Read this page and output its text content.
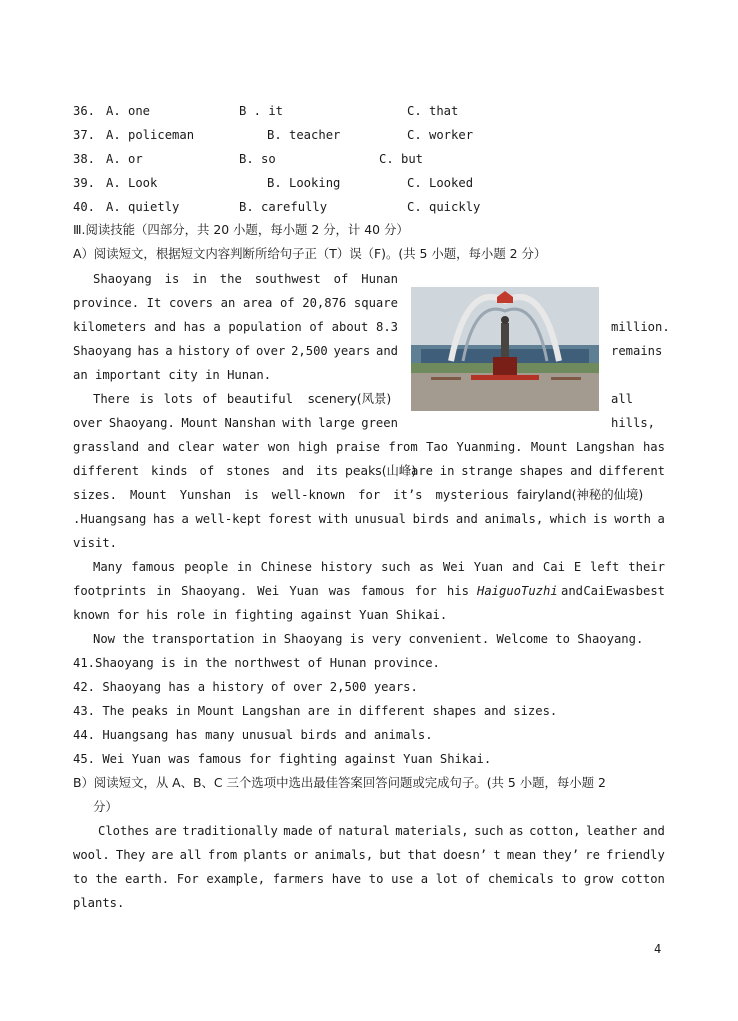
36. A. one	B . it	C. that
37. A. policeman	B. teacher	C. worker
38. A. or	B. so	C. but
39. A. Look	B. Looking	C. Looked
40. A. quietly	B. carefully	C. quickly
Ⅲ.阅读技能（四部分，共 20 小题，每小题 2 分，计 40 分）
A）阅读短文，根据短文内容判断所给句子正（T）误（F)。(共 5 小题，每小题 2 分）
Shaoyang is in the southwest of Hunan
province. It covers an area of 20,876 square
kilometers and has a population of about 8.3	million.
Shaoyang has a history of over 2,500 years and	remains
an important city in Hunan.
There is lots of beautiful scenery(风景)	all
over Shaoyang. Mount Nanshan with large green	hills,
grassland and clear water won high praise from Tao Yuanming. Mount Langshan has
different kinds of stones and its peaks(山峰)
are in strange shapes and different
sizes. Mount Yunshan is well-known for it’s mysterious fairyland(神秘的仙境)
.Huangsang has a well-kept forest with unusual birds and animals, which is worth a
visit.
Many famous people in Chinese history such as Wei Yuan and Cai E left their
footprints in Shaoyang. Wei Yuan was famous for his HaiguoTuzhi and Cai E was best
known for his role in fighting against Yuan Shikai.
Now the transportation in Shaoyang is very convenient. Welcome to Shaoyang.
41.Shaoyang is in the northwest of Hunan province.
42. Shaoyang has a history of over 2,500 years.
43. The peaks in Mount Langshan are in different shapes and sizes.
44. Huangsang has many unusual birds and animals.
45. Wei Yuan was famous for fighting against Yuan Shikai.
B）阅读短文，从 A、B、C 三个选项中选出最佳答案回答问题或完成句子。(共 5 小题，每小题 2
分）
Clothes are traditionally made of natural materials, such as cotton, leather and
wool. They are all from plants or animals, but that doesn’ t mean they’ re friendly
to the earth. For example, farmers have to use a lot of chemicals to grow cotton
plants.
4
